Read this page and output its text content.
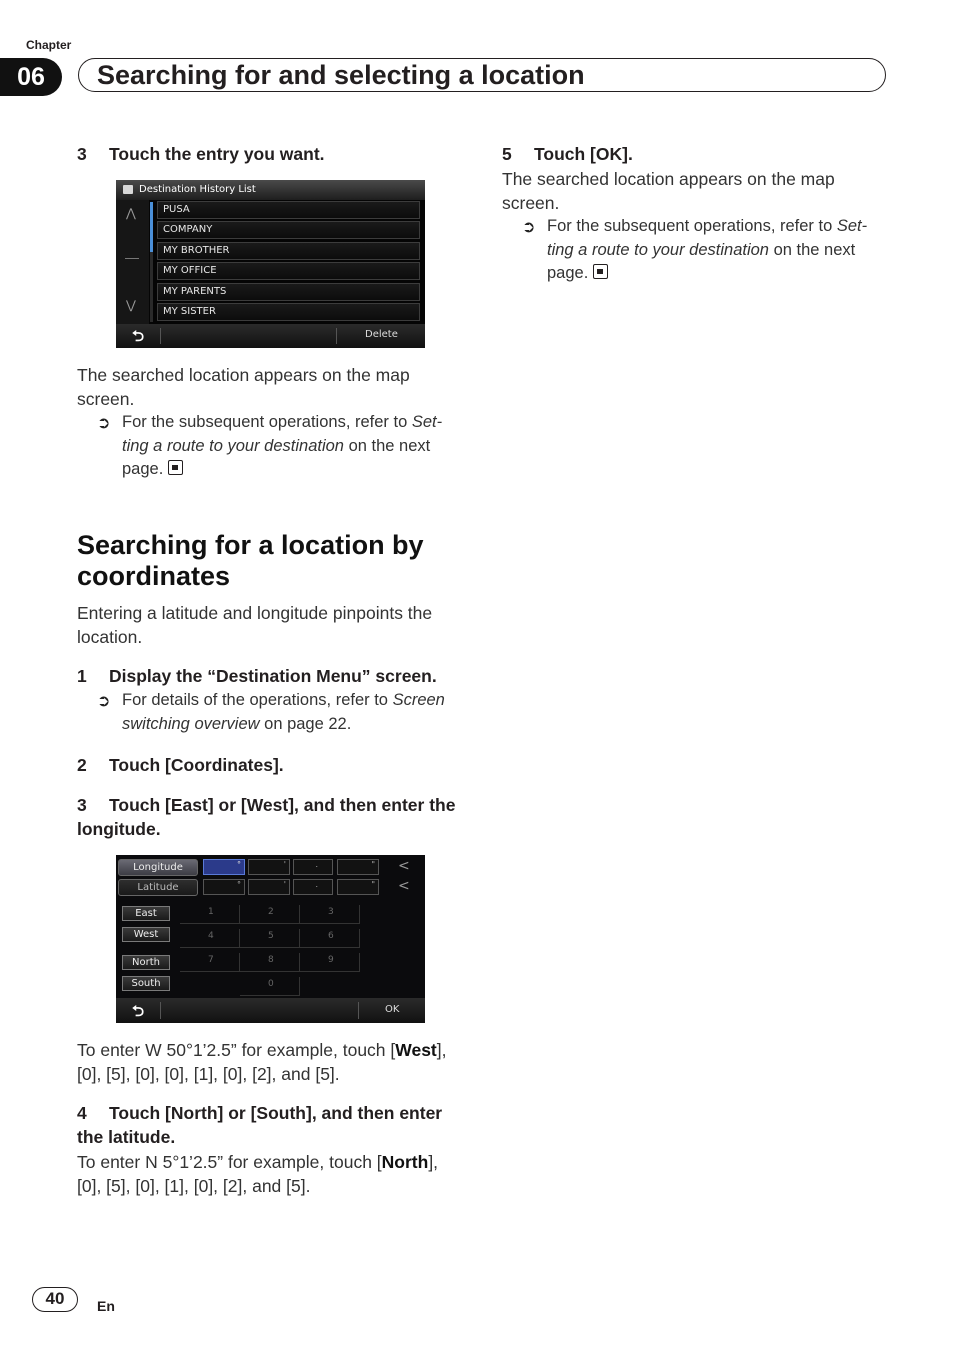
Chapter
06	Searching for and selecting a location
3 Touch the entry you want.
Destination History List
⋀
⋁
PUSA
COMPANY
MY BROTHER
MY OFFICE
MY PARENTS
MY SISTER
⮌	Delete
The searched location appears on the map screen.
➲ For the subsequent operations, refer to Set-ting a route to your destination on the next page.
Searching for a location by coordinates
Entering a latitude and longitude pinpoints the location.
1 Display the “Destination Menu” screen.
➲ For details of the operations, refer to Screen switching overview on page 22.
2 Touch [Coordinates].
3 Touch [East] or [West], and then enter the longitude.
Longitude	°	'	.	" <
Latitude	°	'	.	" <
East
West
North
South
1	2	3
4	5	6
7	8	9
0
⮌	OK
To enter W 50°1’2.5” for example, touch [West], [0], [5], [0], [0], [1], [0], [2], and [5].
4 Touch [North] or [South], and then enter the latitude.
To enter N 5°1’2.5” for example, touch [North], [0], [5], [0], [1], [0], [2], and [5].
5 Touch [OK].
The searched location appears on the map screen.
➲ For the subsequent operations, refer to Set-ting a route to your destination on the next page.
40	En
